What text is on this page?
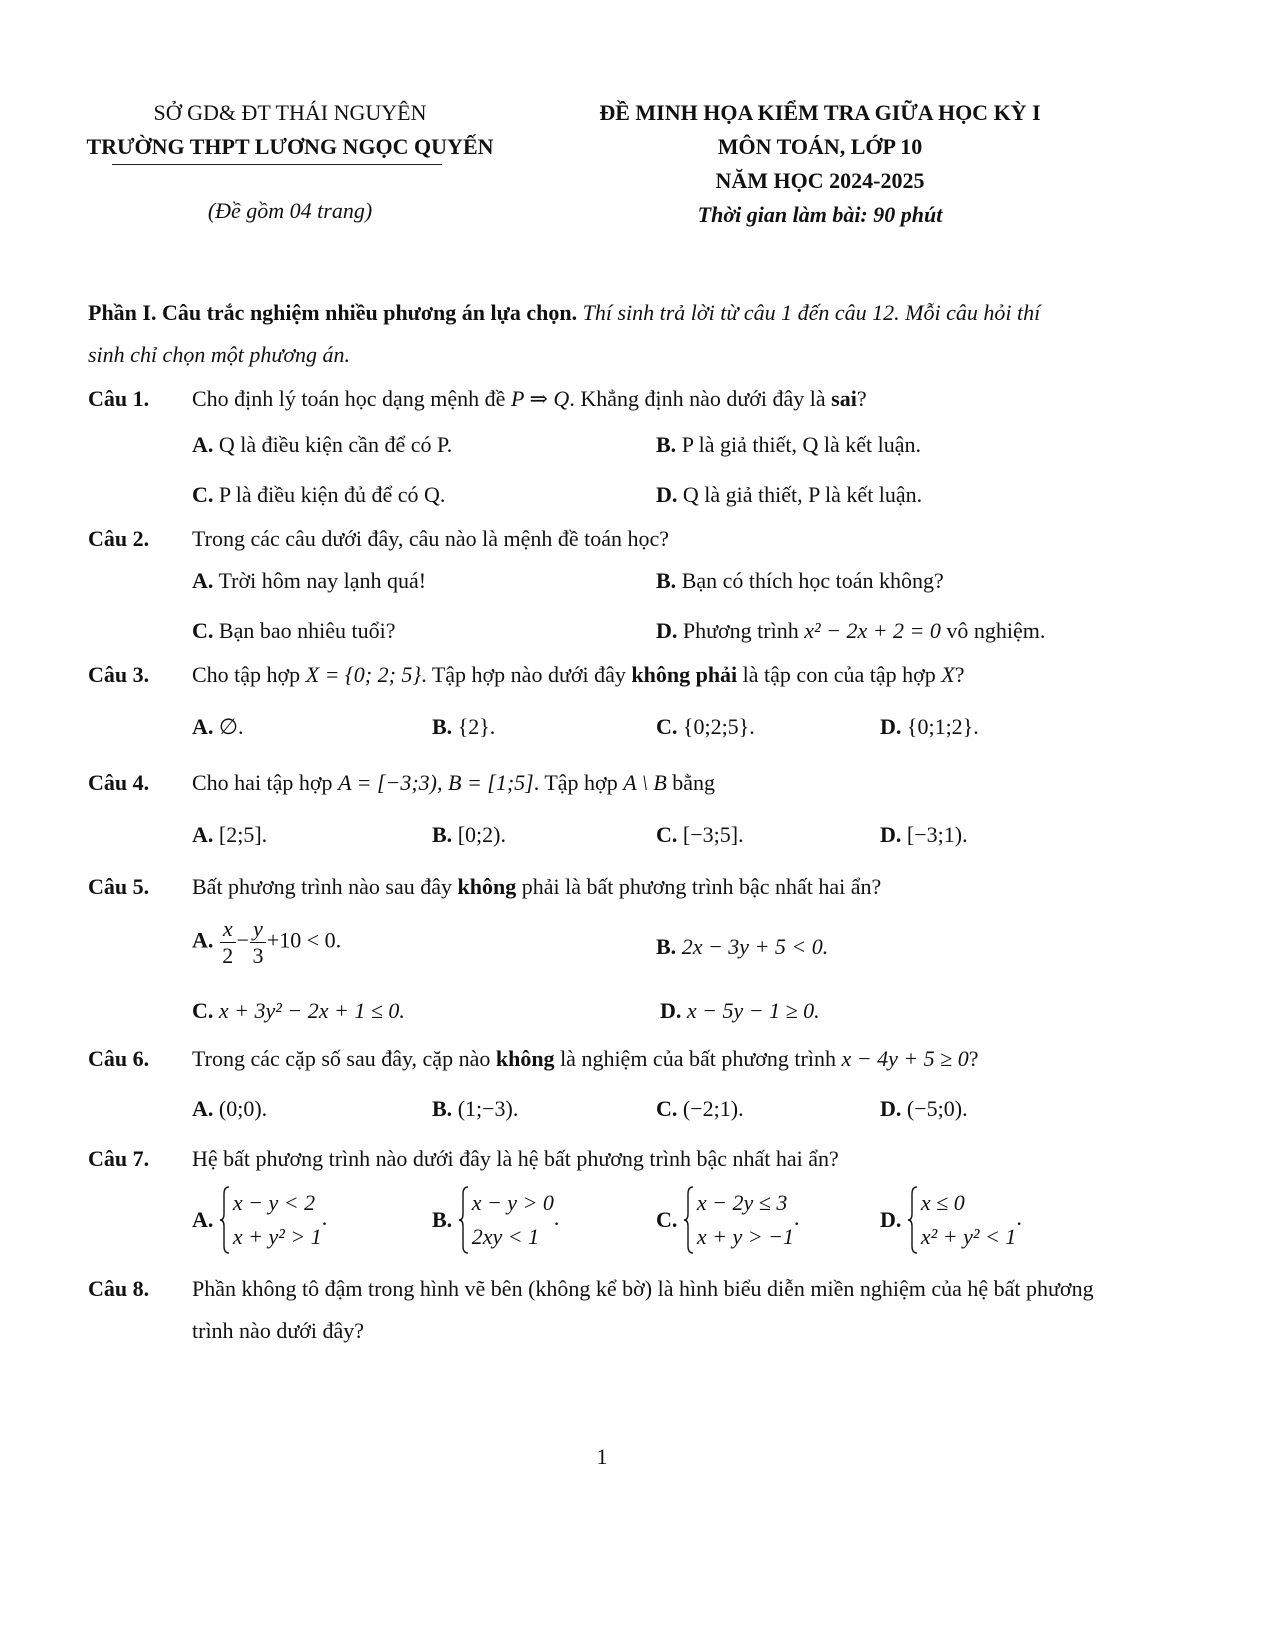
SỞ GD& ĐT THÁI NGUYÊN
TRƯỜNG THPT LƯƠNG NGỌC QUYẾN
(Đề gồm 04 trang)
ĐỀ MINH HỌA KIỂM TRA GIỮA HỌC KỲ I
MÔN TOÁN, LỚP 10
NĂM HỌC 2024-2025
Thời gian làm bài: 90 phút
Phần I. Câu trắc nghiệm nhiều phương án lựa chọn. Thí sinh trả lời từ câu 1 đến câu 12. Mỗi câu hỏi thí
sinh chỉ chọn một phương án.
Câu 1. Cho định lý toán học dạng mệnh đề P ⇒ Q. Khẳng định nào dưới đây là sai?
A. Q là điều kiện cần để có P.	B. P là giả thiết, Q là kết luận.
C. P là điều kiện đủ để có Q.	D. Q là giả thiết, P là kết luận.
Câu 2. Trong các câu dưới đây, câu nào là mệnh đề toán học?
A. Trời hôm nay lạnh quá!	B. Bạn có thích học toán không?
C. Bạn bao nhiêu tuổi?	D. Phương trình x² − 2x + 2 = 0 vô nghiệm.
Câu 3. Cho tập hợp X = {0; 2; 5}. Tập hợp nào dưới đây không phải là tập con của tập hợp X?
A. ∅.	B. {2}.	C. {0;2;5}.	D. {0;1;2}.
Câu 4. Cho hai tập hợp A = [−3;3), B = [1;5]. Tập hợp A \ B bằng
A. [2;5].	B. [0;2).	C. [−3;5].	D. [−3;1).
Câu 5. Bất phương trình nào sau đây không phải là bất phương trình bậc nhất hai ẩn?
A. $\frac{x}{2} - \frac{y}{3} +10 < 0$.	B. 2x − 3y + 5 < 0.
C. x + 3y² − 2x + 1 ≤ 0.	D. x − 5y − 1 ≥ 0.
Câu 6. Trong các cặp số sau đây, cặp nào không là nghiệm của bất phương trình x − 4y + 5 ≥ 0?
A. (0;0).	B. (1;−3).	C. (−2;1).	D. (−5;0).
Câu 7. Hệ bất phương trình nào dưới đây là hệ bất phương trình bậc nhất hai ẩn?
A.
x − y < 2
x + y² > 1
.	B.
x − y > 0
2xy < 1
.	C.
x − 2y ≤ 3
x + y > −1
.	D.
x ≤ 0
x² + y² < 1
.
Câu 8. Phần không tô đậm trong hình vẽ bên (không kể bờ) là hình biểu diễn miền nghiệm của hệ bất phương
trình nào dưới đây?
1
